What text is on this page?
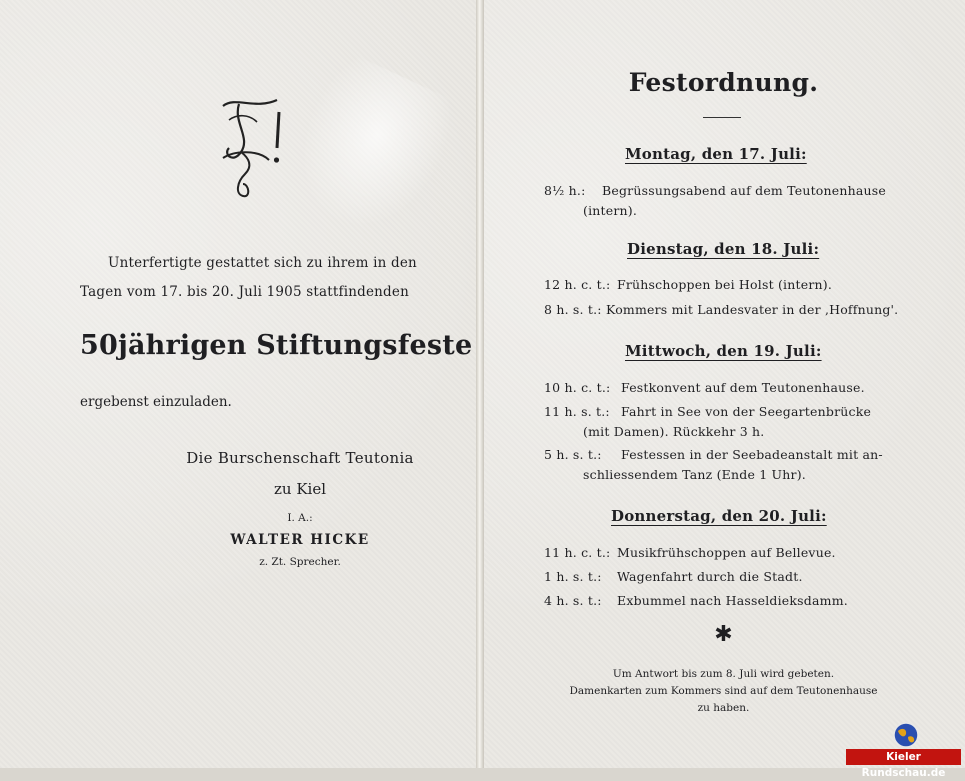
Unterfertigte gestattet sich zu ihrem in den
Tagen vom 17. bis 20. Juli 1905 stattfindenden
50jährigen Stiftungsfeste
ergebenst einzuladen.
Die Burschenschaft Teutonia
zu Kiel
I. A.:
WALTER HICKE
z. Zt. Sprecher.
Festordnung.
Montag, den 17. Juli:
8½ h.: Begrüssungsabend auf dem Teutonenhause
(intern).
Dienstag, den 18. Juli:
12 h. c. t.: Frühschoppen bei Holst (intern).
8 h. s. t.: Kommers mit Landesvater in der ‚Hoffnung'.
Mittwoch, den 19. Juli:
10 h. c. t.: Festkonvent auf dem Teutonenhause.
11 h. s. t.: Fahrt in See von der Seegartenbrücke
(mit Damen). Rückkehr 3 h.
5 h. s. t.: Festessen in der Seebadeanstalt mit an-
schliessendem Tanz (Ende 1 Uhr).
Donnerstag, den 20. Juli:
11 h. c. t.: Musikfrühschoppen auf Bellevue.
1 h. s. t.: Wagenfahrt durch die Stadt.
4 h. s. t.: Exbummel nach Hasseldieksdamm.
✱
Um Antwort bis zum 8. Juli wird gebeten.
Damenkarten zum Kommers sind auf dem Teutonenhause
zu haben.
Kieler Rundschau.de
